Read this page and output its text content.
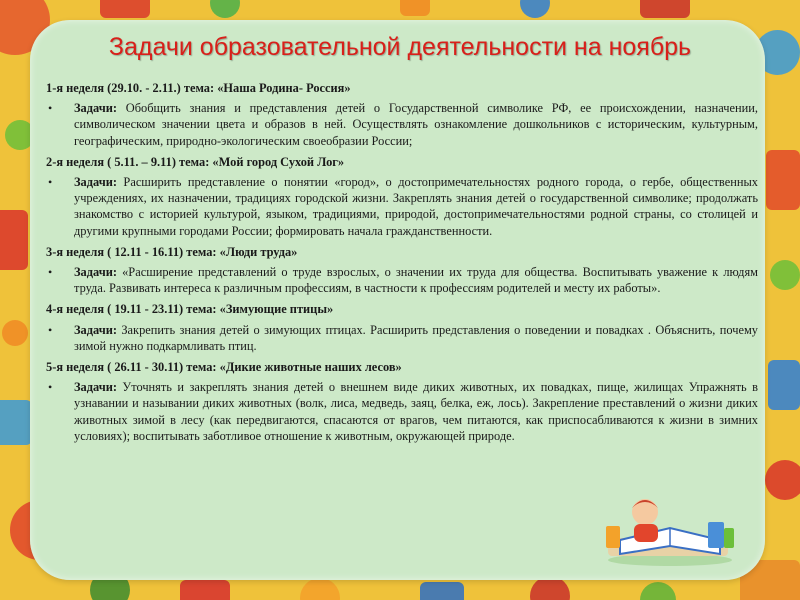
Задачи образовательной деятельности на ноябрь
1-я неделя (29.10. - 2.11.) тема: «Наша Родина- Россия»
• Задачи: Обобщить знания и представления детей о Государственной символике РФ, ее происхождении, назначении, символическом значении цвета и образов в ней. Осуществлять ознакомление дошкольников с историческим, культурным, географическим, природно-экологическим своеобразии России;
2-я неделя ( 5.11. – 9.11) тема: «Мой город Сухой Лог»
• Задачи: Расширить представление о понятии «город», о достопримечательностях родного города, о гербе, общественных учреждениях, их назначении, традициях городской жизни. Закреплять знания детей о государственной символике; продолжать знакомство с историей культурой, языком, традициями, природой, достопримечательностями родной страны, со столицей и другими крупными городами России; формировать начала гражданственности.
3-я неделя ( 12.11 - 16.11) тема: «Люди труда»
• Задачи: «Расширение представлений о труде взрослых, о значении их труда для общества. Воспитывать уважение к людям труда. Развивать интереса к различным профессиям, в частности к профессиям родителей и месту их работы».
4-я неделя ( 19.11 - 23.11) тема: «Зимующие птицы»
• Задачи: Закрепить знания детей о зимующих птицах. Расширить представления о поведении и повадках . Объяснить, почему зимой нужно подкармливать птиц.
5-я неделя ( 26.11 - 30.11) тема: «Дикие животные наших лесов»
• Задачи: Уточнять и закреплять знания детей о внешнем виде диких животных, их повадках, пище, жилищах Упражнять в узнавании и назывании диких животных (волк, лиса, медведь, заяц, белка, еж, лось). Закрепление преставлений о жизни диких животных зимой в лесу (как передвигаются, спасаются от врагов, чем питаются, как приспосабливаются к жизни в зимних условиях); воспитывать заботливое отношение к животным, окружающей природе.
